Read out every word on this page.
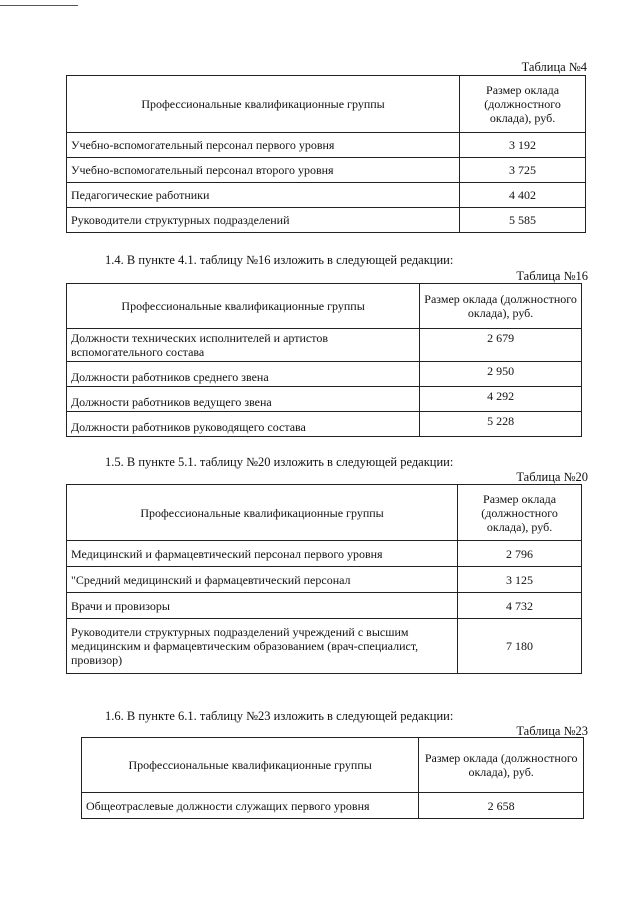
Таблица №4
Профессиональные квалификационные группы	Размер оклада (должностного оклада), руб.
Учебно-вспомогательный персонал первого уровня	3 192
Учебно-вспомогательный персонал второго уровня	3 725
Педагогические работники	4 402
Руководители структурных подразделений	5 585
1.4. В пункте 4.1. таблицу №16 изложить в следующей редакции:
Таблица №16
Профессиональные квалификационные группы	Размер оклада (должностного оклада), руб.
Должности технических исполнителей и артистов вспомогательного состава	2 679
Должности работников среднего звена	2 950
Должности работников ведущего звена	4 292
Должности работников руководящего состава	5 228
1.5. В пункте 5.1. таблицу №20 изложить в следующей редакции:
Таблица №20
Профессиональные квалификационные группы	Размер оклада (должностного оклада), руб.
Медицинский и фармацевтический персонал первого уровня	2 796
"Средний медицинский и фармацевтический персонал	3 125
Врачи и провизоры	4 732
Руководители структурных подразделений учреждений с высшим медицинским и фармацевтическим образованием (врач-специалист, провизор)	7 180
1.6. В пункте 6.1. таблицу №23 изложить в следующей редакции:
Таблица №23
Профессиональные квалификационные группы	Размер оклада (должностного оклада), руб.
Общеотраслевые должности служащих первого уровня	2 658
